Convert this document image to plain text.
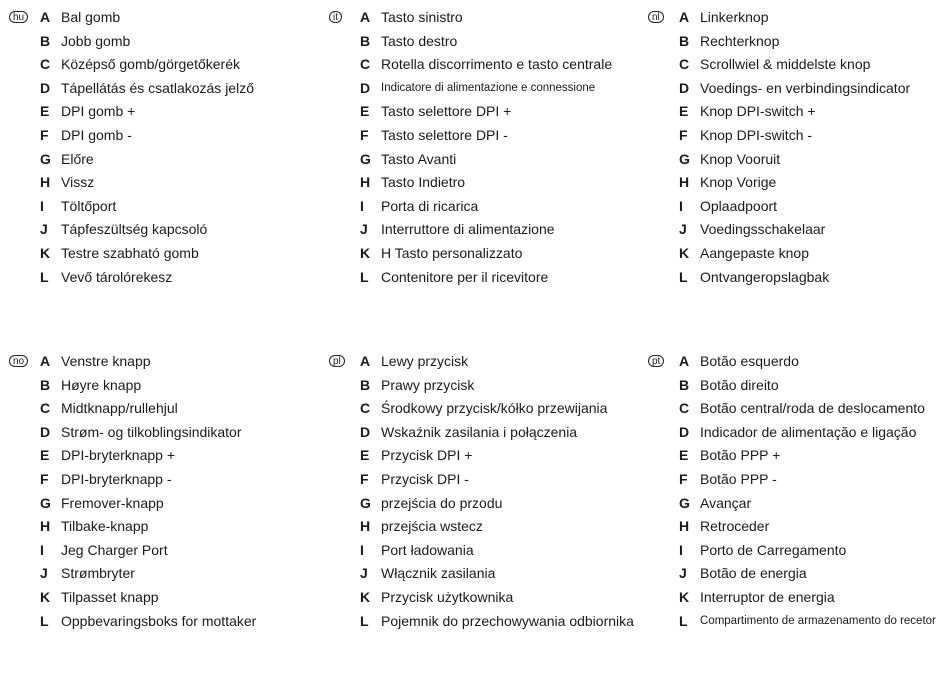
hu A Bal gomb
B Jobb gomb
C Középső gomb/görgetőkerék
D Tápellátás és csatlakozás jelző
E DPI gomb +
F DPI gomb -
G Előre
H Vissz
I Töltőport
J Tápfeszültség kapcsoló
K Testre szabható gomb
L Vevő tárolórekesz
it A Tasto sinistro
B Tasto destro
C Rotella discorrimento e tasto centrale
D Indicatore di alimentazione e connessione
E Tasto selettore DPI +
F Tasto selettore DPI -
G Tasto Avanti
H Tasto Indietro
I Porta di ricarica
J Interruttore di alimentazione
K H Tasto personalizzato
L Contenitore per il ricevitore
nl A Linkerknop
B Rechterknop
C Scrollwiel & middelste knop
D Voedings- en verbindingsindicator
E Knop DPI-switch +
F Knop DPI-switch -
G Knop Vooruit
H Knop Vorige
I Oplaadpoort
J Voedingsschakelaar
K Aangepaste knop
L Ontvangeropslagbak
no A Venstre knapp
B Høyre knapp
C Midtknapp/rullehjul
D Strøm- og tilkoblingsindikator
E DPI-bryterknapp +
F DPI-bryterknapp -
G Fremover-knapp
H Tilbake-knapp
I Jeg Charger Port
J Strømbryter
K Tilpasset knapp
L Oppbevaringsboks for mottaker
pl A Lewy przycisk
B Prawy przycisk
C Środkowy przycisk/kółko przewijania
D Wskaźnik zasilania i połączenia
E Przycisk DPI +
F Przycisk DPI -
G przejścia do przodu
H przejścia wstecz
I Port ładowania
J Włącznik zasilania
K Przycisk użytkownika
L Pojemnik do przechowywania odbiornika
pt A Botão esquerdo
B Botão direito
C Botão central/roda de deslocamento
D Indicador de alimentação e ligação
E Botão PPP +
F Botão PPP -
G Avançar
H Retroceder
I Porto de Carregamento
J Botão de energia
K Interruptor de energia
L Compartimento de armazenamento do recetor
